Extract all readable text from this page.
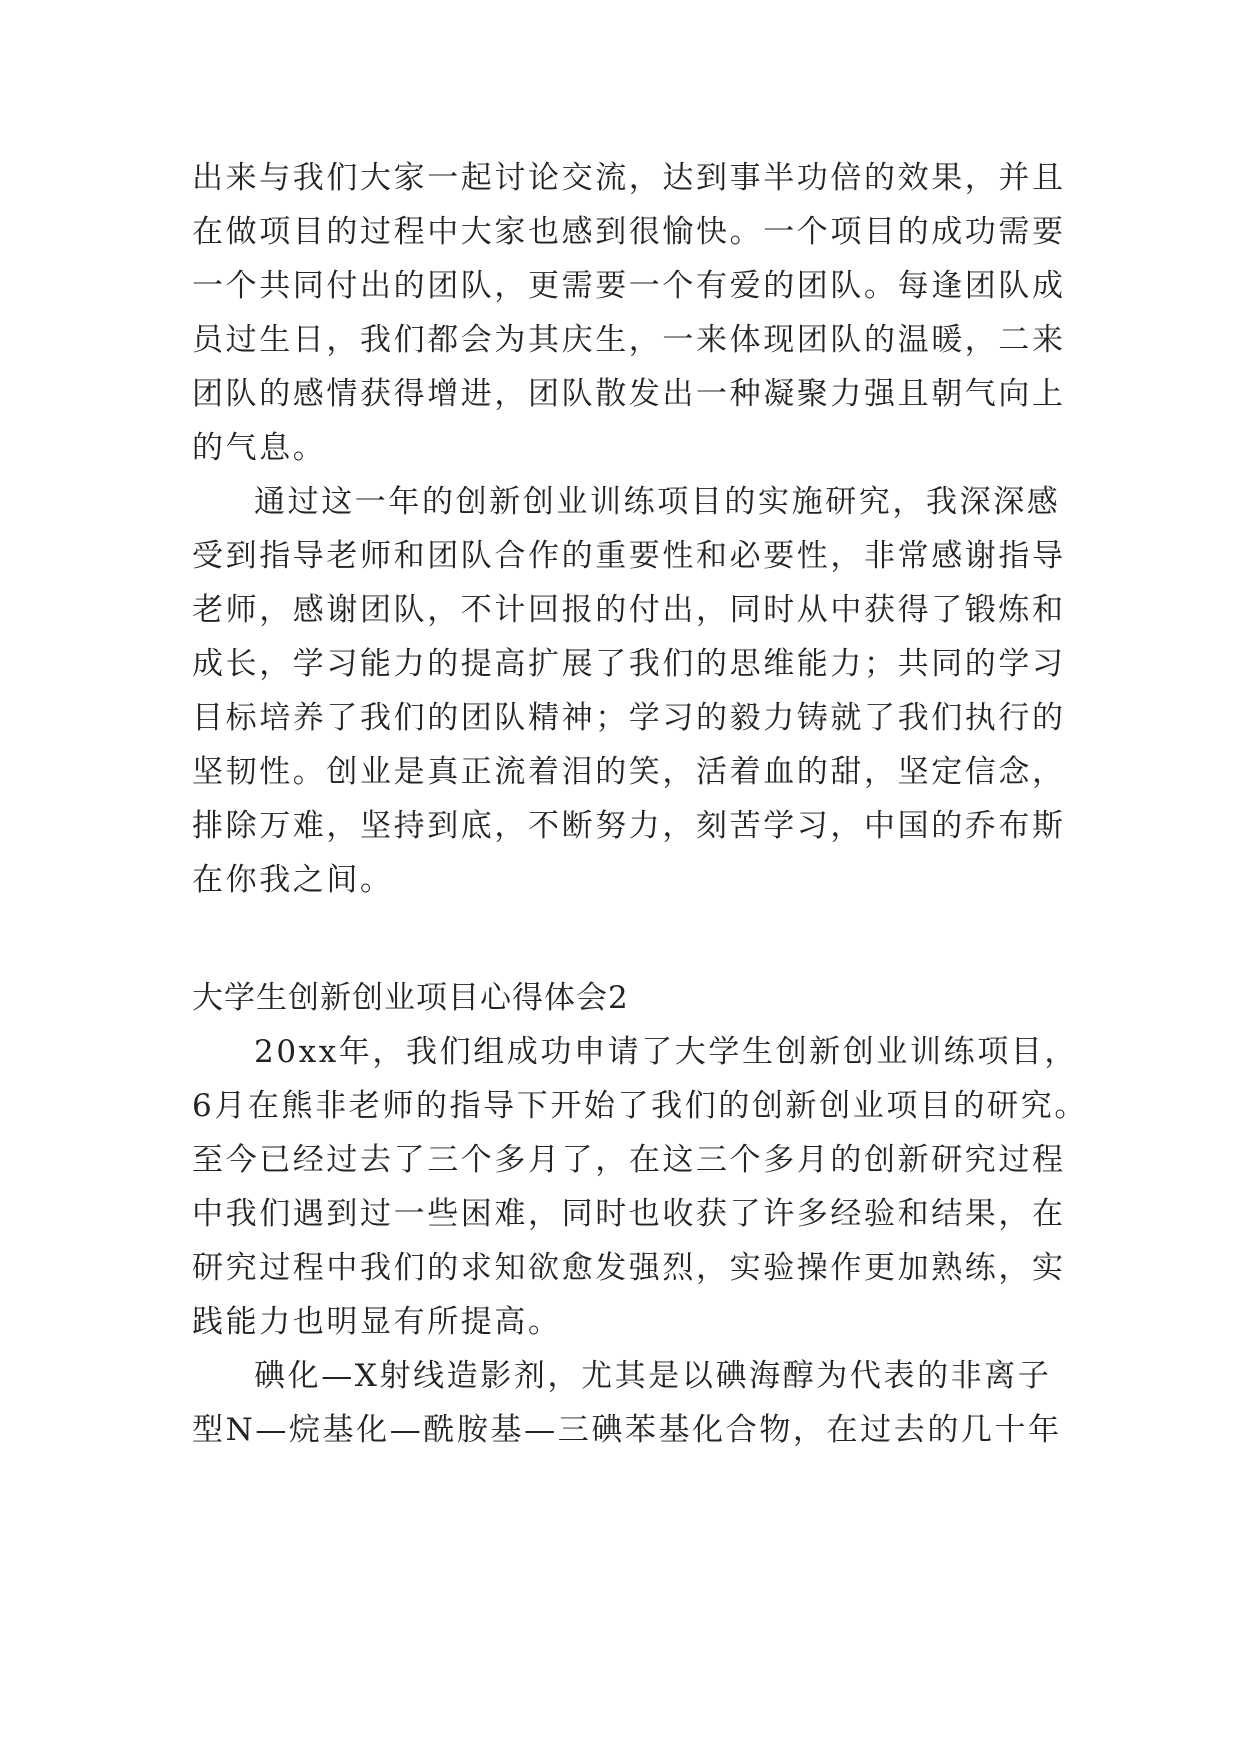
出来与我们大家一起讨论交流，达到事半功倍的效果，并且
在做项目的过程中大家也感到很愉快。一个项目的成功需要
一个共同付出的团队，更需要一个有爱的团队。每逢团队成
员过生日，我们都会为其庆生，一来体现团队的温暖，二来
团队的感情获得增进，团队散发出一种凝聚力强且朝气向上
的气息。
通过这一年的创新创业训练项目的实施研究，我深深感
受到指导老师和团队合作的重要性和必要性，非常感谢指导
老师，感谢团队，不计回报的付出，同时从中获得了锻炼和
成长，学习能力的提高扩展了我们的思维能力；共同的学习
目标培养了我们的团队精神；学习的毅力铸就了我们执行的
坚韧性。创业是真正流着泪的笑，活着血的甜，坚定信念，
排除万难，坚持到底，不断努力，刻苦学习，中国的乔布斯
在你我之间。
大学生创新创业项目心得体会2
20xx年，我们组成功申请了大学生创新创业训练项目，
6月在熊非老师的指导下开始了我们的创新创业项目的研究。
至今已经过去了三个多月了，在这三个多月的创新研究过程
中我们遇到过一些困难，同时也收获了许多经验和结果，在
研究过程中我们的求知欲愈发强烈，实验操作更加熟练，实
践能力也明显有所提高。
碘化—X射线造影剂，尤其是以碘海醇为代表的非离子
型N—烷基化—酰胺基—三碘苯基化合物，在过去的几十年
